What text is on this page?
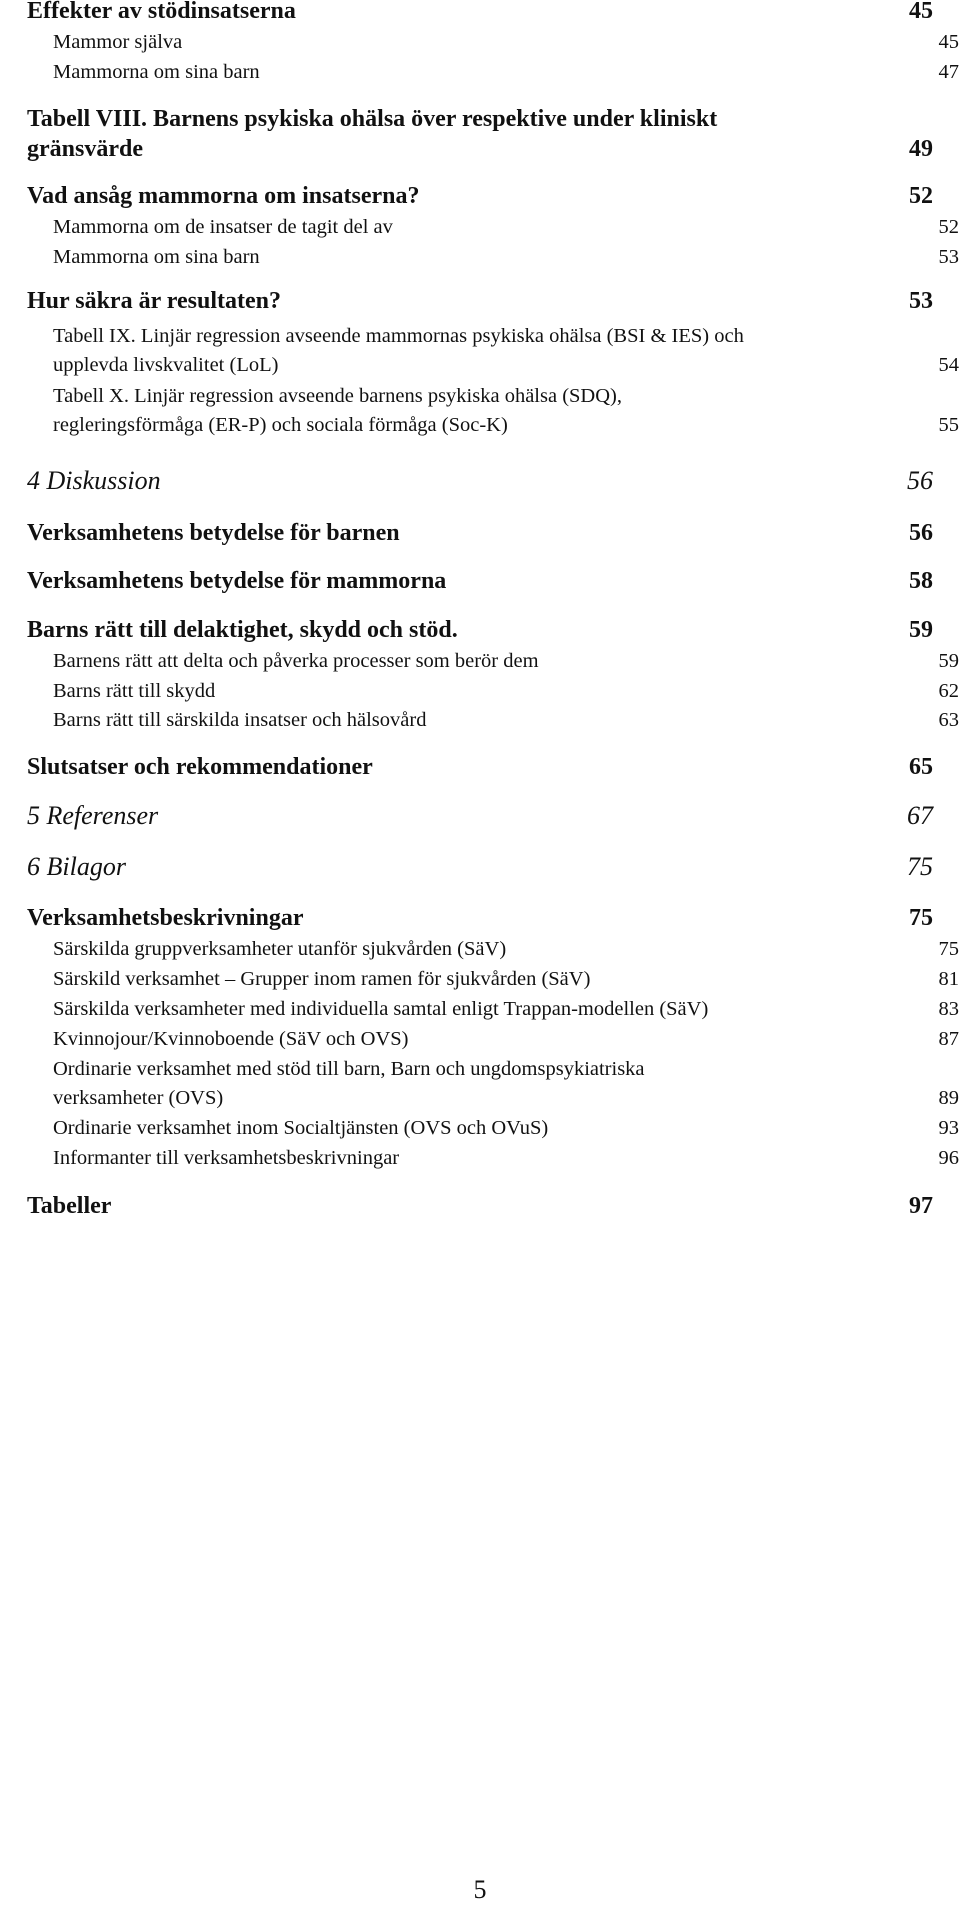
Effekter av stödinsatserna	45
Mammor själva	45
Mammorna om sina barn	47
Tabell VIII. Barnens psykiska ohälsa över respektive under kliniskt
gränsvärde	49
Vad ansåg mammorna om insatserna?	52
Mammorna om de insatser de tagit del av	52
Mammorna om sina barn	53
Hur säkra är resultaten?	53
Tabell IX. Linjär regression avseende mammornas psykiska ohälsa (BSI & IES) och
upplevda livskvalitet (LoL)	54
Tabell X. Linjär regression avseende barnens psykiska ohälsa (SDQ),
regleringsförmåga (ER-P) och sociala förmåga (Soc-K)	55
4 Diskussion	56
Verksamhetens betydelse för barnen	56
Verksamhetens betydelse för mammorna	58
Barns rätt till delaktighet, skydd och stöd.	59
Barnens rätt att delta och påverka processer som berör dem	59
Barns rätt till skydd	62
Barns rätt till särskilda insatser och hälsovård	63
Slutsatser och rekommendationer	65
5 Referenser	67
6 Bilagor	75
Verksamhetsbeskrivningar	75
Särskilda gruppverksamheter utanför sjukvården (SäV)	75
Särskild verksamhet – Grupper inom ramen för sjukvården (SäV)	81
Särskilda verksamheter med individuella samtal enligt Trappan-modellen (SäV)	83
Kvinnojour/Kvinnoboende (SäV och OVS)	87
Ordinarie verksamhet med stöd till barn, Barn och ungdomspsykiatriska
verksamheter (OVS)	89
Ordinarie verksamhet inom Socialtjänsten (OVS och OVuS)	93
Informanter till verksamhetsbeskrivningar	96
Tabeller	97
5
